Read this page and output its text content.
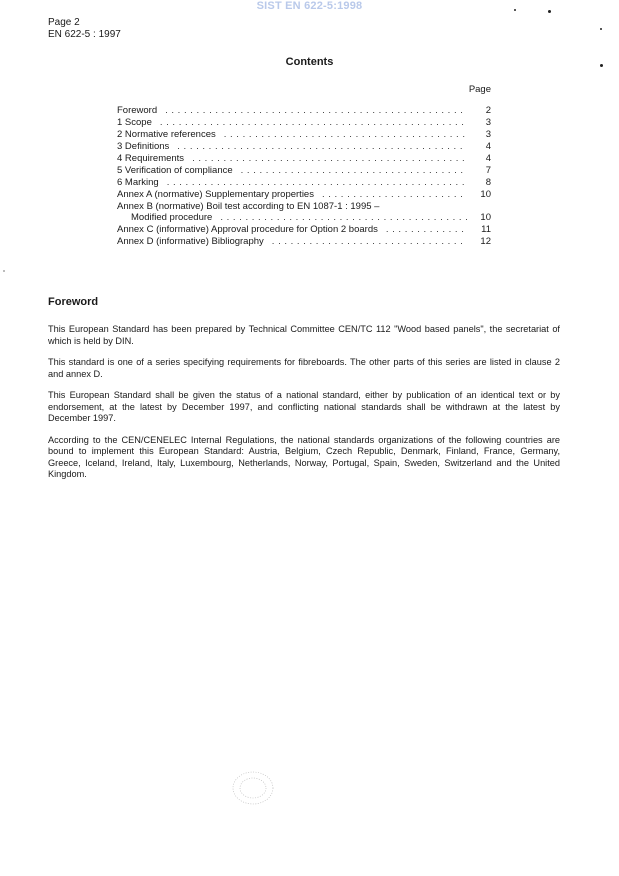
SIST EN 622-5:1998
Page 2
EN 622-5 : 1997
Contents
Page
Foreword . . .	2
1 Scope . . .	3
2 Normative references . . .	3
3 Definitions . . .	4
4 Requirements . . .	4
5 Verification of compliance . . .	7
6 Marking . . .	8
Annex A (normative) Supplementary properties . . .	10
Annex B (normative) Boil test according to EN 1087-1 : 1995 –
Modified procedure . . .	10
Annex C (informative) Approval procedure for Option 2 boards . . .	11
Annex D (informative) Bibliography . . .	12
Foreword

This European Standard has been prepared by Technical Committee CEN/TC 112 "Wood based panels", the secretariat of which is held by DIN.

This standard is one of a series specifying requirements for fibreboards. The other parts of this series are listed in clause 2 and annex D.

This European Standard shall be given the status of a national standard, either by publication of an identical text or by endorsement, at the latest by December 1997, and conflicting national standards shall be withdrawn at the latest by December 1997.

According to the CEN/CENELEC Internal Regulations, the national standards organizations of the following countries are bound to implement this European Standard: Austria, Belgium, Czech Republic, Denmark, Finland, France, Germany, Greece, Iceland, Ireland, Italy, Luxembourg, Netherlands, Norway, Portugal, Spain, Sweden, Switzerland and the United Kingdom.
